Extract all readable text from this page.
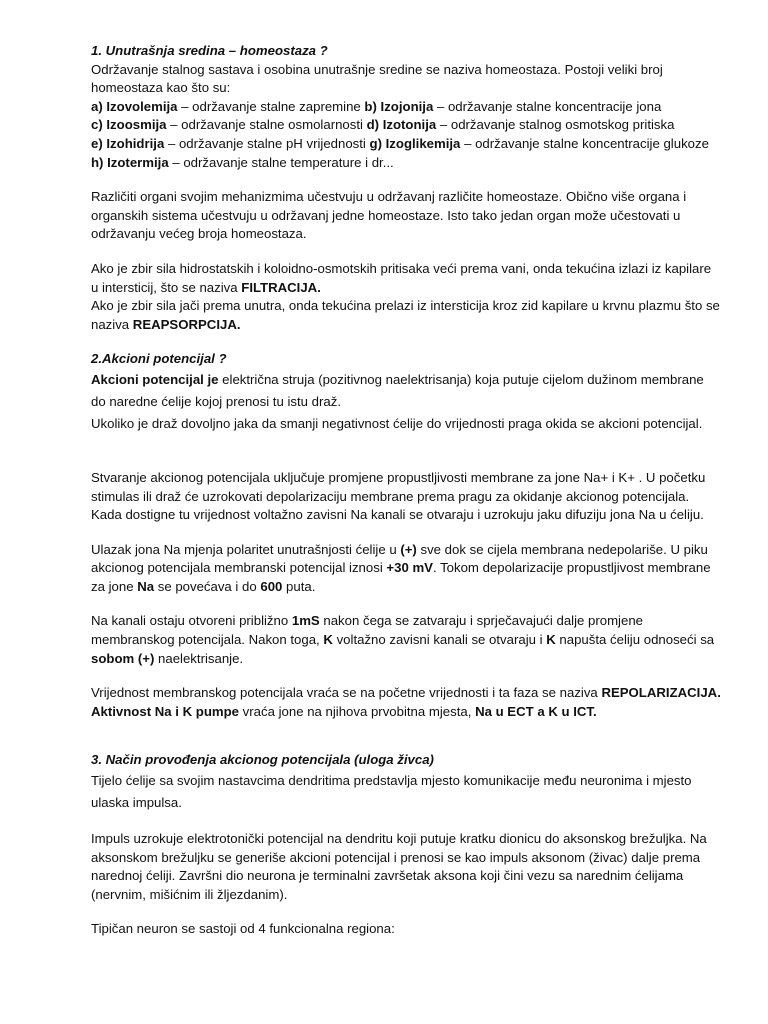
1. Unutrašnja sredina – homeostaza ?

Održavanje stalnog sastava i osobina unutrašnje sredine se naziva homeostaza. Postoji veliki broj homeostaza kao što su:

a) Izovolemija – održavanje stalne zapremine b) Izojonija – održavanje stalne koncentracije jona

c) Izoosmija – održavanje stalne osmolarnosti d) Izotonija – održavanje stalnog osmotskog pritiska

e) Izohidrija – održavanje stalne pH vrijednosti g) Izoglikemija – održavanje stalne koncentracije glukoze

h) Izotermija – održavanje stalne temperature i dr...

Različiti organi svojim mehanizmima učestvuju u održavanj različite homeostaze. Obično više organa i organskih sistema učestvuju u održavanj jedne homeostaze. Isto tako jedan organ može učestovati u održavanju većeg broja homeostaza.

Ako je zbir sila hidrostatskih i koloidno-osmotskih pritisaka veći prema vani, onda tekućina izlazi iz kapilare u intersticij, što se naziva FILTRACIJA.

Ako je zbir sila jači prema unutra, onda tekućina prelazi iz intersticija kroz zid kapilare u krvnu plazmu što se naziva REAPSORPCIJA.

2.Akcioni potencijal ?

Akcioni potencijal je električna struja (pozitivnog naelektrisanja) koja putuje cijelom dužinom membrane do naredne ćelije kojoj prenosi tu istu draž.

Ukoliko je draž dovoljno jaka da smanji negativnost ćelije do vrijednosti praga okida se akcioni potencijal.

Stvaranje akcionog potencijala uključuje promjene propustljivosti membrane za jone Na+ i K+ . U početku stimulas ili draž će uzrokovati depolarizaciju membrane prema pragu za okidanje akcionog potencijala. Kada dostigne tu vrijednost voltažno zavisni Na kanali se otvaraju i uzrokuju jaku difuziju jona Na u ćeliju.

Ulazak jona Na mjenja polaritet unutrašnjosti ćelije u (+) sve dok se cijela membrana nedepolariše. U piku akcionog potencijala membranski potencijal iznosi +30 mV. Tokom depolarizacije propustljivost membrane za jone Na se povećava i do 600 puta.

Na kanali ostaju otvoreni približno 1mS nakon čega se zatvaraju i sprječavajući dalje promjene membranskog potencijala. Nakon toga, K voltažno zavisni kanali se otvaraju i K napušta ćeliju odnoseći sa sobom (+) naelektrisanje.

Vrijednost membranskog potencijala vraća se na početne vrijednosti i ta faza se naziva REPOLARIZACIJA. Aktivnost Na i K pumpe vraća jone na njihova prvobitna mjesta, Na u ECT a K u ICT.

3. Način provođenja akcionog potencijala (uloga živca)

Tijelo ćelije sa svojim nastavcima dendritima predstavlja mjesto komunikacije među neuronima i mjesto ulaska impulsa.

Impuls uzrokuje elektrotonički potencijal na dendritu koji putuje kratku dionicu do aksonskog brežuljka. Na aksonskom brežuljku se generiše akcioni potencijal i prenosi se kao impuls aksonom (živac) dalje prema narednoj ćeliji. Završni dio neurona je terminalni završetak aksona koji čini vezu sa narednim ćelijama (nervnim, mišićnim ili žljezdanim).

Tipičan neuron se sastoji od 4 funkcionalna regiona:
